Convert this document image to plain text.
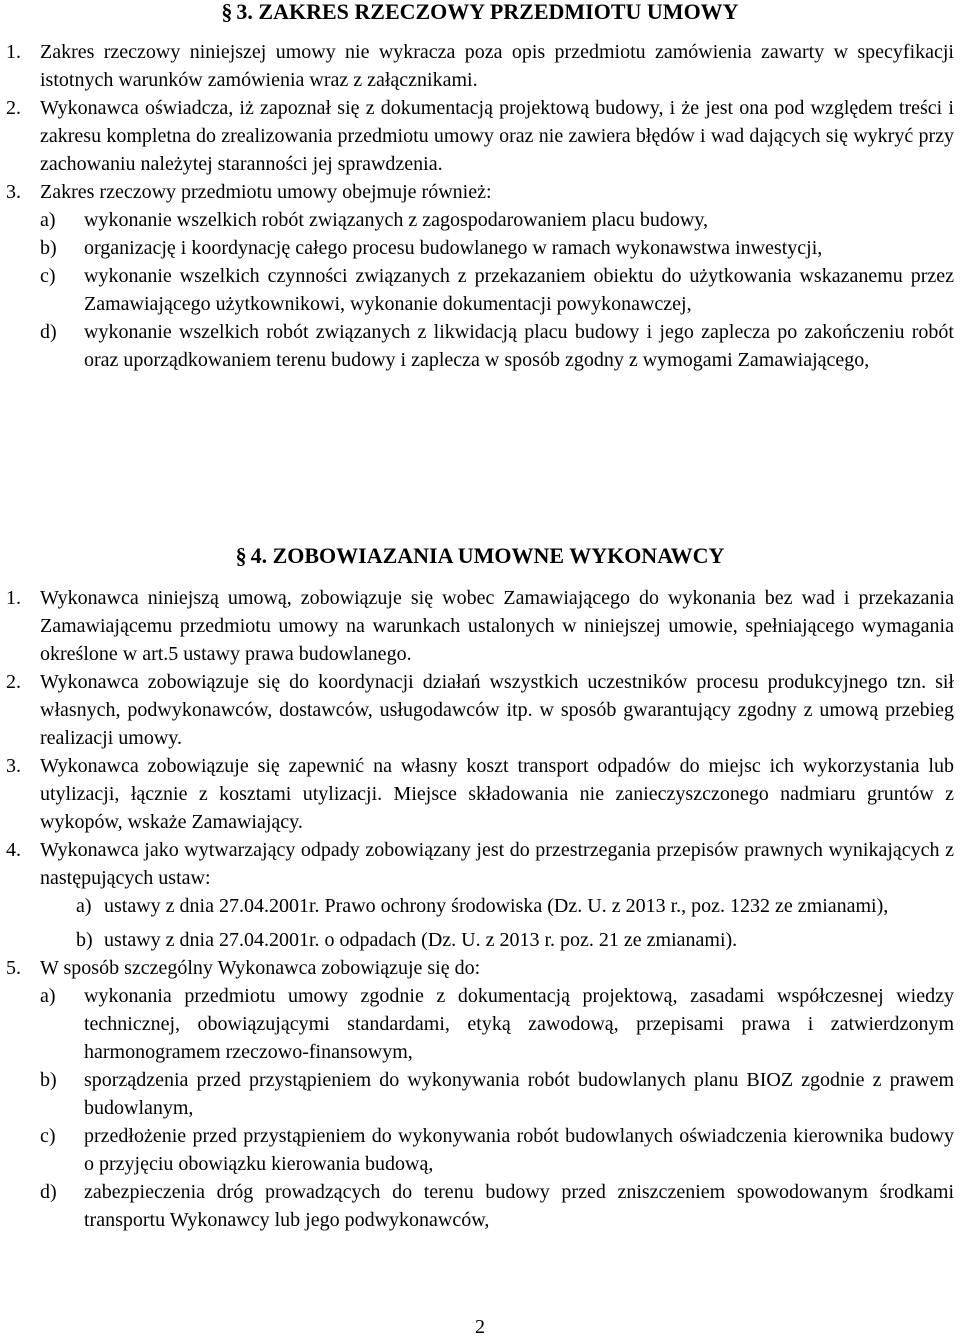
§ 3. ZAKRES RZECZOWY PRZEDMIOTU UMOWY
1. Zakres rzeczowy niniejszej umowy nie wykracza poza opis przedmiotu zamówienia zawarty w specyfikacji istotnych warunków zamówienia wraz z załącznikami.
2. Wykonawca oświadcza, iż zapoznał się z dokumentacją projektową budowy, i że jest ona pod względem treści i zakresu kompletna do zrealizowania przedmiotu umowy oraz nie zawiera błędów i wad dających się wykryć przy zachowaniu należytej staranności jej sprawdzenia.
3. Zakres rzeczowy przedmiotu umowy obejmuje również:
a)	wykonanie wszelkich robót związanych z zagospodarowaniem placu budowy,
b)	organizację i koordynację całego procesu budowlanego w ramach wykonawstwa inwestycji,
c)	wykonanie wszelkich czynności związanych z przekazaniem obiektu do użytkowania wskazanemu przez Zamawiającego użytkownikowi, wykonanie dokumentacji powykonawczej,
d)	wykonanie wszelkich robót związanych z likwidacją placu budowy i jego zaplecza po zakończeniu robót oraz uporządkowaniem terenu budowy i zaplecza w sposób zgodny z wymogami Zamawiającego,
§ 4. ZOBOWIAZANIA UMOWNE WYKONAWCY
1. Wykonawca niniejszą umową, zobowiązuje się wobec Zamawiającego do wykonania bez wad i przekazania Zamawiającemu przedmiotu umowy na warunkach ustalonych w niniejszej umowie, spełniającego wymagania określone w art.5 ustawy prawa budowlanego.
2. Wykonawca zobowiązuje się do koordynacji działań wszystkich uczestników procesu produkcyjnego tzn. sił własnych, podwykonawców, dostawców, usługodawców itp. w sposób gwarantujący zgodny z umową przebieg realizacji umowy.
3. Wykonawca zobowiązuje się zapewnić na własny koszt transport odpadów do miejsc ich wykorzystania lub utylizacji, łącznie z kosztami utylizacji. Miejsce składowania nie zanieczyszczonego nadmiaru gruntów z wykopów, wskaże Zamawiający.
4. Wykonawca jako wytwarzający odpady zobowiązany jest do przestrzegania przepisów prawnych wynikających z następujących ustaw:
a) ustawy z dnia 27.04.2001r. Prawo ochrony środowiska (Dz. U. z 2013 r., poz. 1232 ze zmianami),
b) ustawy z dnia 27.04.2001r. o odpadach (Dz. U. z 2013 r. poz. 21 ze zmianami).
5. W sposób szczególny Wykonawca zobowiązuje się do:
a)	wykonania przedmiotu umowy zgodnie z dokumentacją projektową, zasadami współczesnej wiedzy technicznej, obowiązującymi standardami, etyką zawodową, przepisami prawa i zatwierdzonym harmonogramem rzeczowo-finansowym,
b)	sporządzenia przed przystąpieniem do wykonywania robót budowlanych planu BIOZ zgodnie z prawem budowlanym,
c)	przedłożenie przed przystąpieniem do wykonywania robót budowlanych oświadczenia kierownika budowy o przyjęciu obowiązku kierowania budową,
d)	zabezpieczenia dróg prowadzących do terenu budowy przed zniszczeniem spowodowanym środkami transportu Wykonawcy lub jego podwykonawców,
2
